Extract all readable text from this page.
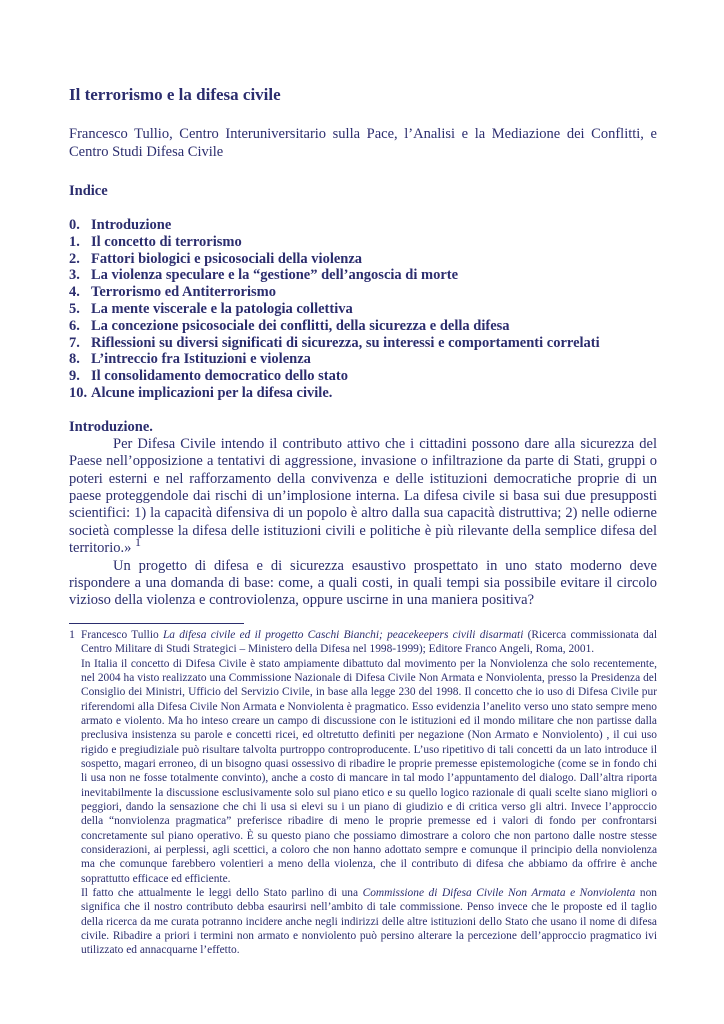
Il terrorismo e la difesa civile

Francesco Tullio, Centro Interuniversitario sulla Pace, l’Analisi e la Mediazione dei Conflitti, e Centro Studi Difesa Civile

Indice
0. Introduzione
1. Il concetto di terrorismo
2. Fattori biologici e psicosociali della violenza
3. La violenza speculare e la “gestione” dell’angoscia di morte
4. Terrorismo ed Antiterrorismo
5. La mente viscerale e la patologia collettiva
6. La concezione psicosociale dei conflitti, della sicurezza e della difesa
7. Riflessioni su diversi significati di sicurezza, su interessi e comportamenti correlati
8. L’intreccio fra Istituzioni e violenza
9. Il consolidamento democratico dello stato
10. Alcune implicazioni per la difesa civile.
Introduzione.

Per Difesa Civile intendo il contributo attivo che i cittadini possono dare alla sicurezza del Paese nell’opposizione a tentativi di aggressione, invasione o infiltrazione da parte di Stati, gruppi o poteri esterni e nel rafforzamento della convivenza e delle istituzioni democratiche proprie di un paese proteggendole dai rischi di un’implosione interna. La difesa civile si basa sui due presupposti scientifici: 1) la capacità difensiva di un popolo è altro dalla sua capacità distruttiva; 2) nelle odierne società complesse la difesa delle istituzioni civili e politiche è più rilevante della semplice difesa del territorio.» $^1$

Un progetto di difesa e di sicurezza esaustivo prospettato in uno stato moderno deve rispondere a una domanda di base: come, a quali costi, in quali tempi sia possibile evitare il circolo vizioso della violenza e controviolenza, oppure uscirne in una maniera positiva?

1 Francesco Tullio La difesa civile ed il progetto Caschi Bianchi; peacekeepers civili disarmati (Ricerca commissionata dal Centro Militare di Studi Strategici – Ministero della Difesa nel 1998-1999); Editore Franco Angeli, Roma, 2001.

In Italia il concetto di Difesa Civile è stato ampiamente dibattuto dal movimento per la Nonviolenza che solo recentemente, nel 2004 ha visto realizzato una Commissione Nazionale di Difesa Civile Non Armata e Nonviolenta, presso la Presidenza del Consiglio dei Ministri, Ufficio del Servizio Civile, in base alla legge 230 del 1998. Il concetto che io uso di Difesa Civile pur riferendomi alla Difesa Civile Non Armata e Nonviolenta è pragmatico. Esso evidenzia l’anelito verso uno stato sempre meno armato e violento. Ma ho inteso creare un campo di discussione con le istituzioni ed il mondo militare che non partisse dalla preclusiva insistenza su parole e concetti ricei, ed oltretutto definiti per negazione (Non Armato e Nonviolento) , il cui uso rigido e pregiudiziale può risultare talvolta purtroppo controproducente. L’uso ripetitivo di tali concetti da un lato introduce il sospetto, magari erroneo, di un bisogno quasi ossessivo di ribadire le proprie premesse epistemologiche (come se in fondo chi li usa non ne fosse totalmente convinto), anche a costo di mancare in tal modo l’appuntamento del dialogo. Dall’altra riporta inevitabilmente la discussione esclusivamente solo sul piano etico e su quello logico razionale di quali scelte siano migliori o peggiori, dando la sensazione che chi li usa si elevi su i un piano di giudizio e di critica verso gli altri. Invece l’approccio della “nonviolenza pragmatica” preferisce ribadire di meno le proprie premesse ed i valori di fondo per confrontarsi concretamente sul piano operativo. È su questo piano che possiamo dimostrare a coloro che non partono dalle nostre stesse considerazioni, ai perplessi, agli scettici, a coloro che non hanno adottato sempre e comunque il principio della nonviolenza ma che comunque farebbero volentieri a meno della violenza, che il contributo di difesa che abbiamo da offrire è anche soprattutto efficace ed efficiente.

Il fatto che attualmente le leggi dello Stato parlino di una Commissione di Difesa Civile Non Armata e Nonviolenta non significa che il nostro contributo debba esaurirsi nell’ambito di tale commissione. Penso invece che le proposte ed il taglio della ricerca da me curata potranno incidere anche negli indirizzi delle altre istituzioni dello Stato che usano il nome di difesa civile. Ribadire a priori i termini non armato e nonviolento può persino alterare la percezione dell’approccio pragmatico ivi utilizzato ed annacquarne l’effetto.
